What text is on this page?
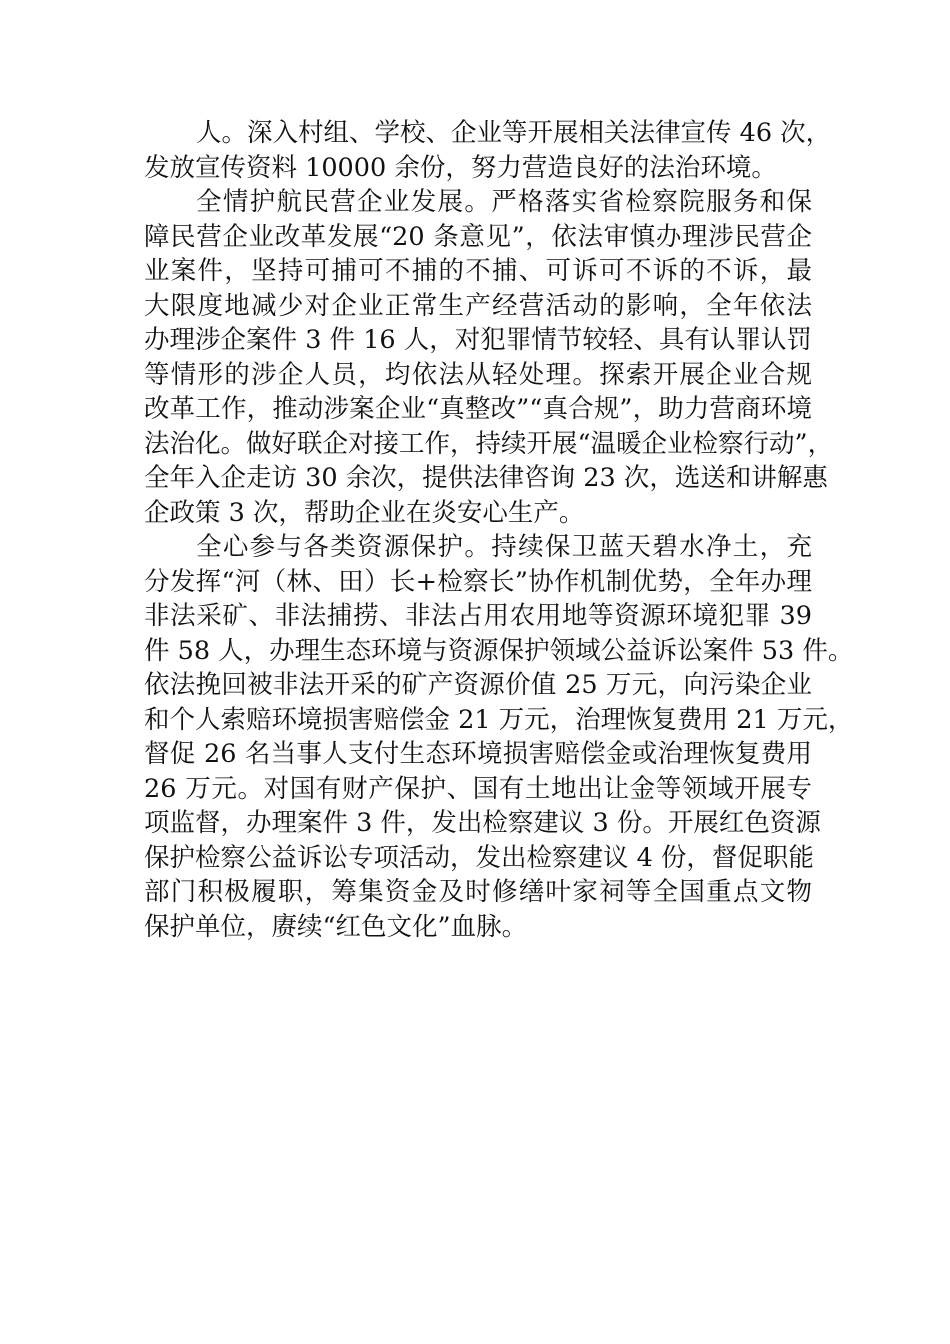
人。深入村组、学校、企业等开展相关法律宣传 46 次，
发放宣传资料 10000 余份，努力营造良好的法治环境。
全情护航民营企业发展。严格落实省检察院服务和保
障民营企业改革发展“20 条意见”，依法审慎办理涉民营企
业案件，坚持可捕可不捕的不捕、可诉可不诉的不诉，最
大限度地减少对企业正常生产经营活动的影响，全年依法
办理涉企案件 3 件 16 人，对犯罪情节较轻、具有认罪认罚
等情形的涉企人员，均依法从轻处理。探索开展企业合规
改革工作，推动涉案企业“真整改”“真合规”，助力营商环境
法治化。做好联企对接工作，持续开展“温暖企业检察行动”，
全年入企走访 30 余次，提供法律咨询 23 次，选送和讲解惠
企政策 3 次，帮助企业在炎安心生产。
全心参与各类资源保护。持续保卫蓝天碧水净土，充
分发挥“河（林、田）长+检察长”协作机制优势，全年办理
非法采矿、非法捕捞、非法占用农用地等资源环境犯罪 39
件 58 人，办理生态环境与资源保护领域公益诉讼案件 53 件。
依法挽回被非法开采的矿产资源价值 25 万元，向污染企业
和个人索赔环境损害赔偿金 21 万元，治理恢复费用 21 万元，
督促 26 名当事人支付生态环境损害赔偿金或治理恢复费用
26 万元。对国有财产保护、国有土地出让金等领域开展专
项监督，办理案件 3 件，发出检察建议 3 份。开展红色资源
保护检察公益诉讼专项活动，发出检察建议 4 份，督促职能
部门积极履职，筹集资金及时修缮叶家祠等全国重点文物
保护单位，赓续“红色文化”血脉。
